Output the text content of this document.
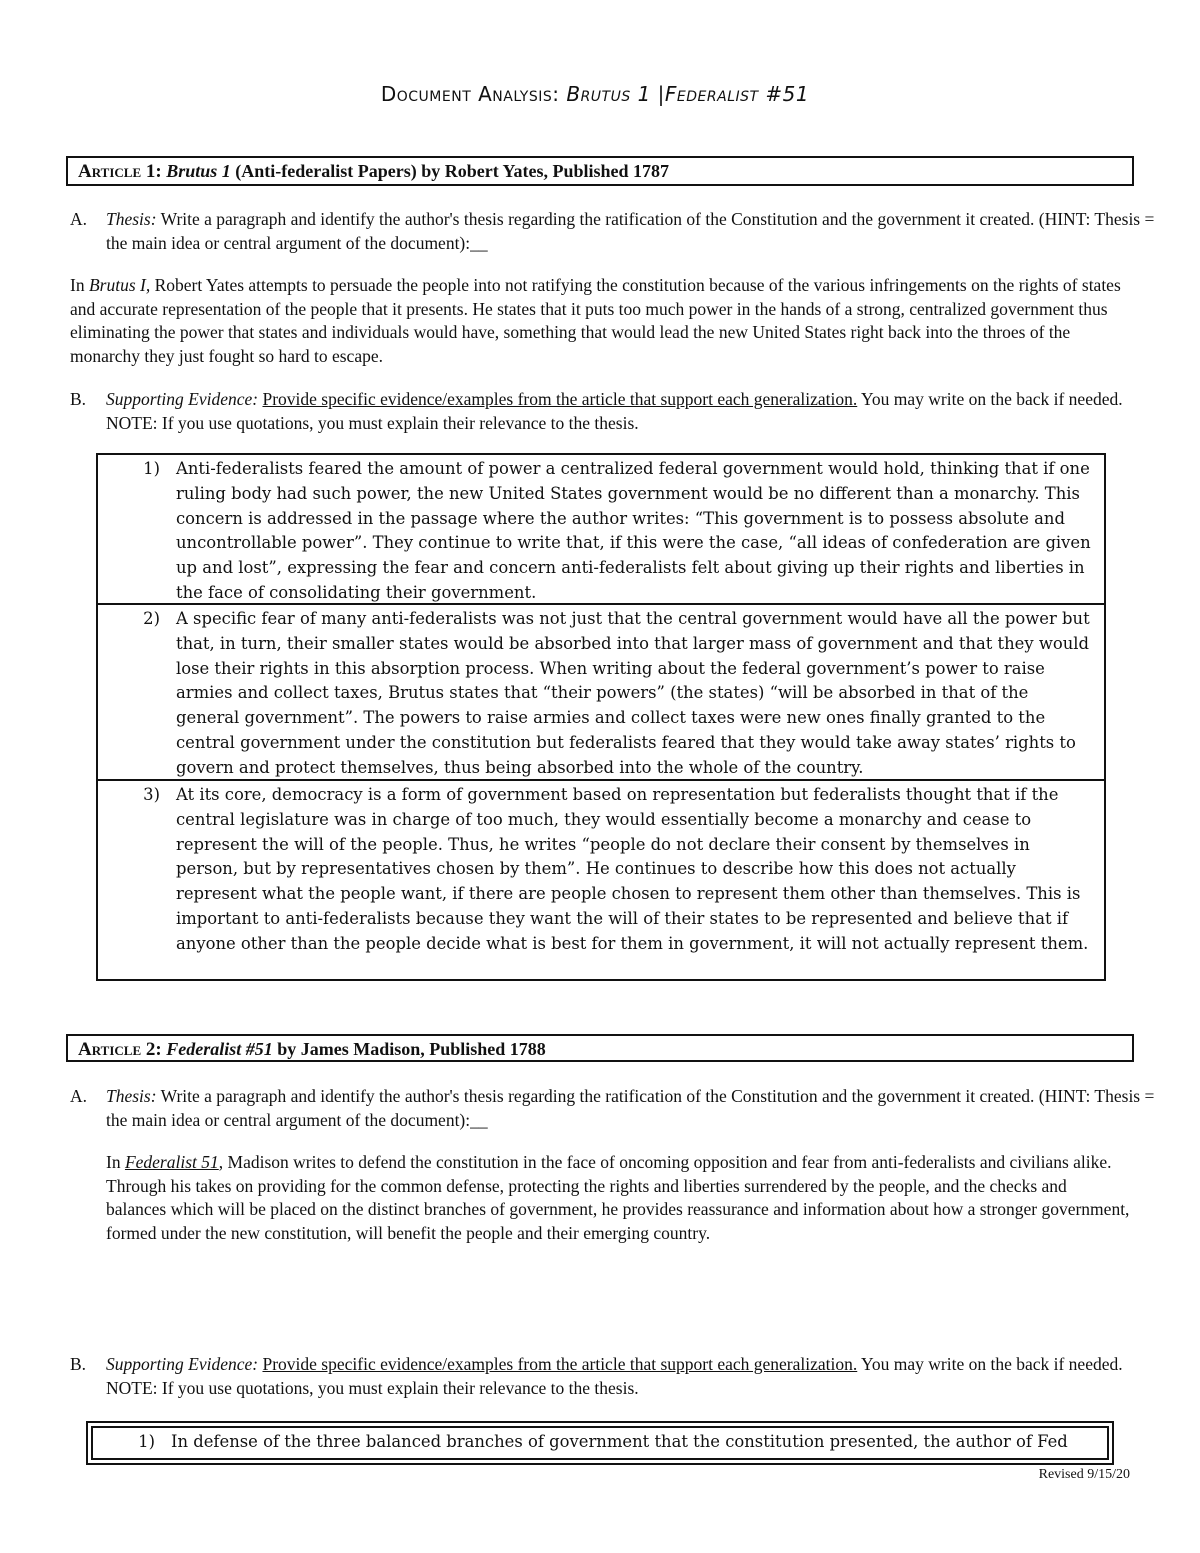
Document Analysis: Brutus 1 |Federalist #51
Article 1: Brutus 1 (Anti-federalist Papers) by Robert Yates, Published 1787
A. Thesis: Write a paragraph and identify the author's thesis regarding the ratification of the Constitution and the government it created. (HINT: Thesis = the main idea or central argument of the document):__
In Brutus I, Robert Yates attempts to persuade the people into not ratifying the constitution because of the various infringements on the rights of states and accurate representation of the people that it presents. He states that it puts too much power in the hands of a strong, centralized government thus eliminating the power that states and individuals would have, something that would lead the new United States right back into the throes of the monarchy they just fought so hard to escape.
B. Supporting Evidence: Provide specific evidence/examples from the article that support each generalization. You may write on the back if needed. NOTE: If you use quotations, you must explain their relevance to the thesis.
1) Anti-federalists feared the amount of power a centralized federal government would hold, thinking that if one ruling body had such power, the new United States government would be no different than a monarchy. This concern is addressed in the passage where the author writes: “This government is to possess absolute and uncontrollable power”. They continue to write that, if this were the case, “all ideas of confederation are given up and lost”, expressing the fear and concern anti-federalists felt about giving up their rights and liberties in the face of consolidating their government.
2) A specific fear of many anti-federalists was not just that the central government would have all the power but that, in turn, their smaller states would be absorbed into that larger mass of government and that they would lose their rights in this absorption process. When writing about the federal government’s power to raise armies and collect taxes, Brutus states that “their powers” (the states) “will be absorbed in that of the general government”. The powers to raise armies and collect taxes were new ones finally granted to the central government under the constitution but federalists feared that they would take away states’ rights to govern and protect themselves, thus being absorbed into the whole of the country.
3) At its core, democracy is a form of government based on representation but federalists thought that if the central legislature was in charge of too much, they would essentially become a monarchy and cease to represent the will of the people. Thus, he writes “people do not declare their consent by themselves in person, but by representatives chosen by them”. He continues to describe how this does not actually represent what the people want, if there are people chosen to represent them other than themselves. This is important to anti-federalists because they want the will of their states to be represented and believe that if anyone other than the people decide what is best for them in government, it will not actually represent them.
Article 2: Federalist #51 by James Madison, Published 1788
A. Thesis: Write a paragraph and identify the author's thesis regarding the ratification of the Constitution and the government it created. (HINT: Thesis = the main idea or central argument of the document):__
In Federalist 51, Madison writes to defend the constitution in the face of oncoming opposition and fear from anti-federalists and civilians alike. Through his takes on providing for the common defense, protecting the rights and liberties surrendered by the people, and the checks and balances which will be placed on the distinct branches of government, he provides reassurance and information about how a stronger government, formed under the new constitution, will benefit the people and their emerging country.
B. Supporting Evidence: Provide specific evidence/examples from the article that support each generalization. You may write on the back if needed. NOTE: If you use quotations, you must explain their relevance to the thesis.
1) In defense of the three balanced branches of government that the constitution presented, the author of Fed
Revised 9/15/20
